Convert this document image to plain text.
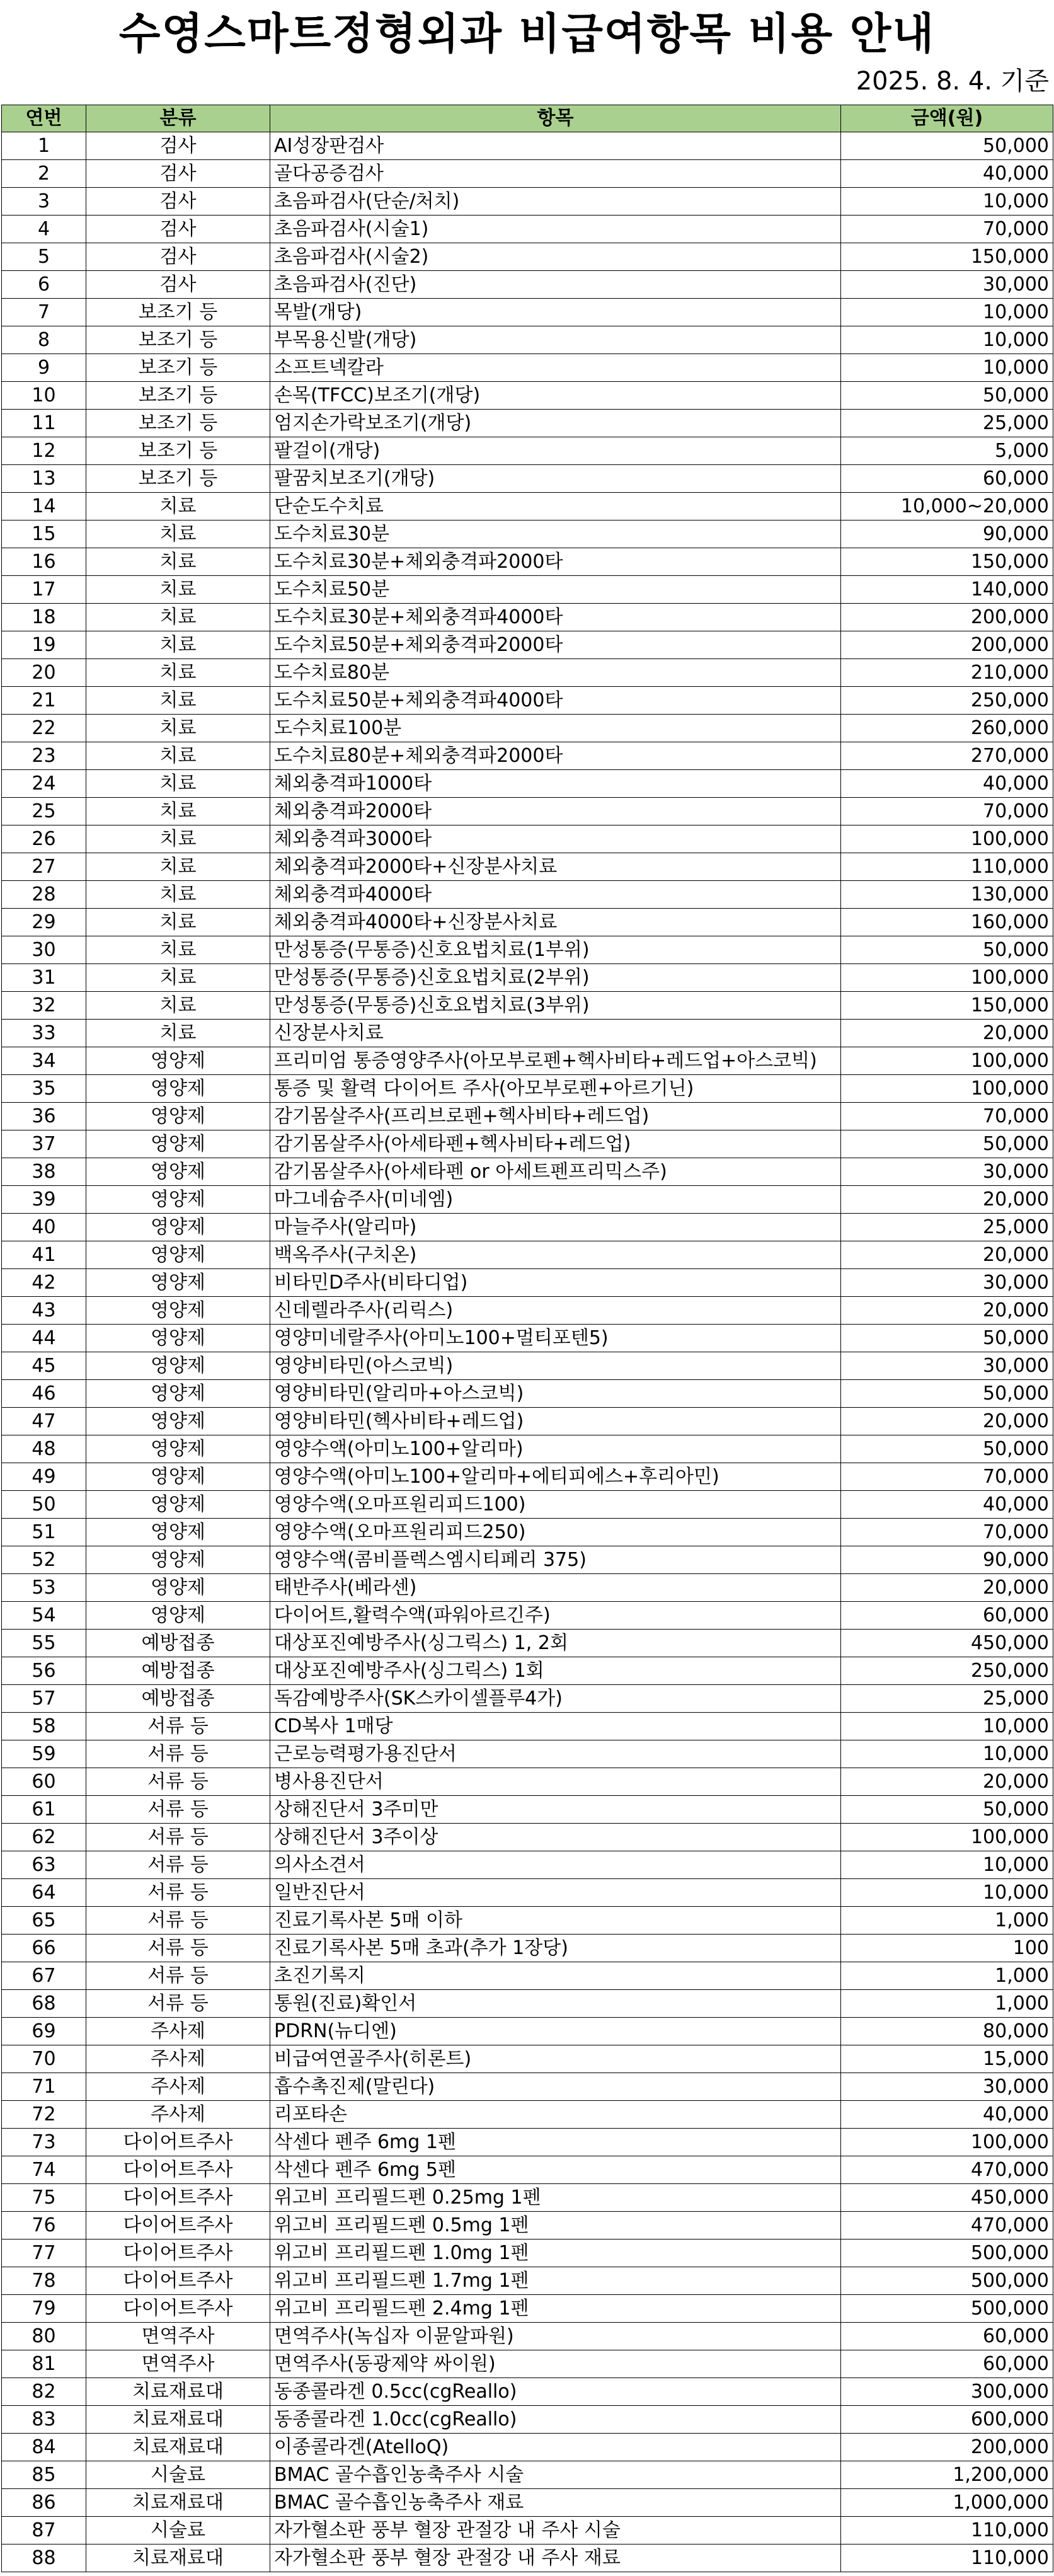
수영스마트정형외과 비급여항목 비용 안내
2025. 8. 4. 기준
연번	분류	항목	금액(원)
1	검사	AI성장판검사	50,000
2	검사	골다공증검사	40,000
3	검사	초음파검사(단순/처치)	10,000
4	검사	초음파검사(시술1)	70,000
5	검사	초음파검사(시술2)	150,000
6	검사	초음파검사(진단)	30,000
7	보조기 등	목발(개당)	10,000
8	보조기 등	부목용신발(개당)	10,000
9	보조기 등	소프트넥칼라	10,000
10	보조기 등	손목(TFCC)보조기(개당)	50,000
11	보조기 등	엄지손가락보조기(개당)	25,000
12	보조기 등	팔걸이(개당)	5,000
13	보조기 등	팔꿈치보조기(개당)	60,000
14	치료	단순도수치료	10,000~20,000
15	치료	도수치료30분	90,000
16	치료	도수치료30분+체외충격파2000타	150,000
17	치료	도수치료50분	140,000
18	치료	도수치료30분+체외충격파4000타	200,000
19	치료	도수치료50분+체외충격파2000타	200,000
20	치료	도수치료80분	210,000
21	치료	도수치료50분+체외충격파4000타	250,000
22	치료	도수치료100분	260,000
23	치료	도수치료80분+체외충격파2000타	270,000
24	치료	체외충격파1000타	40,000
25	치료	체외충격파2000타	70,000
26	치료	체외충격파3000타	100,000
27	치료	체외충격파2000타+신장분사치료	110,000
28	치료	체외충격파4000타	130,000
29	치료	체외충격파4000타+신장분사치료	160,000
30	치료	만성통증(무통증)신호요법치료(1부위)	50,000
31	치료	만성통증(무통증)신호요법치료(2부위)	100,000
32	치료	만성통증(무통증)신호요법치료(3부위)	150,000
33	치료	신장분사치료	20,000
34	영양제	프리미엄 통증영양주사(아모부로펜+헥사비타+레드업+아스코빅)	100,000
35	영양제	통증 및 활력 다이어트 주사(아모부로펜+아르기닌)	100,000
36	영양제	감기몸살주사(프리브로펜+헥사비타+레드업)	70,000
37	영양제	감기몸살주사(아세타펜+헥사비타+레드업)	50,000
38	영양제	감기몸살주사(아세타펜 or 아세트펜프리믹스주)	30,000
39	영양제	마그네슘주사(미네엠)	20,000
40	영양제	마늘주사(알리마)	25,000
41	영양제	백옥주사(구치온)	20,000
42	영양제	비타민D주사(비타디업)	30,000
43	영양제	신데렐라주사(리릭스)	20,000
44	영양제	영양미네랄주사(아미노100+멀티포텐5)	50,000
45	영양제	영양비타민(아스코빅)	30,000
46	영양제	영양비타민(알리마+아스코빅)	50,000
47	영양제	영양비타민(헥사비타+레드업)	20,000
48	영양제	영양수액(아미노100+알리마)	50,000
49	영양제	영양수액(아미노100+알리마+에티피에스+후리아민)	70,000
50	영양제	영양수액(오마프원리피드100)	40,000
51	영양제	영양수액(오마프원리피드250)	70,000
52	영양제	영양수액(콤비플렉스엠시티페리 375)	90,000
53	영양제	태반주사(베라센)	20,000
54	영양제	다이어트,활력수액(파워아르긴주)	60,000
55	예방접종	대상포진예방주사(싱그릭스) 1, 2회	450,000
56	예방접종	대상포진예방주사(싱그릭스) 1회	250,000
57	예방접종	독감예방주사(SK스카이셀플루4가)	25,000
58	서류 등	CD복사 1매당	10,000
59	서류 등	근로능력평가용진단서	10,000
60	서류 등	병사용진단서	20,000
61	서류 등	상해진단서 3주미만	50,000
62	서류 등	상해진단서 3주이상	100,000
63	서류 등	의사소견서	10,000
64	서류 등	일반진단서	10,000
65	서류 등	진료기록사본 5매 이하	1,000
66	서류 등	진료기록사본 5매 초과(추가 1장당)	100
67	서류 등	초진기록지	1,000
68	서류 등	통원(진료)확인서	1,000
69	주사제	PDRN(뉴디엔)	80,000
70	주사제	비급여연골주사(히론트)	15,000
71	주사제	흡수촉진제(말린다)	30,000
72	주사제	리포타손	40,000
73	다이어트주사	삭센다 펜주 6mg 1펜	100,000
74	다이어트주사	삭센다 펜주 6mg 5펜	470,000
75	다이어트주사	위고비 프리필드펜 0.25mg 1펜	450,000
76	다이어트주사	위고비 프리필드펜 0.5mg 1펜	470,000
77	다이어트주사	위고비 프리필드펜 1.0mg 1펜	500,000
78	다이어트주사	위고비 프리필드펜 1.7mg 1펜	500,000
79	다이어트주사	위고비 프리필드펜 2.4mg 1펜	500,000
80	면역주사	면역주사(녹십자 이뮨알파원)	60,000
81	면역주사	면역주사(동광제약 싸이원)	60,000
82	치료재료대	동종콜라겐 0.5cc(cgReallo)	300,000
83	치료재료대	동종콜라겐 1.0cc(cgReallo)	600,000
84	치료재료대	이종콜라겐(AtelloQ)	200,000
85	시술료	BMAC 골수흡인농축주사 시술	1,200,000
86	치료재료대	BMAC 골수흡인농축주사 재료	1,000,000
87	시술료	자가혈소판 풍부 혈장 관절강 내 주사 시술	110,000
88	치료재료대	자가혈소판 풍부 혈장 관절강 내 주사 재료	110,000
